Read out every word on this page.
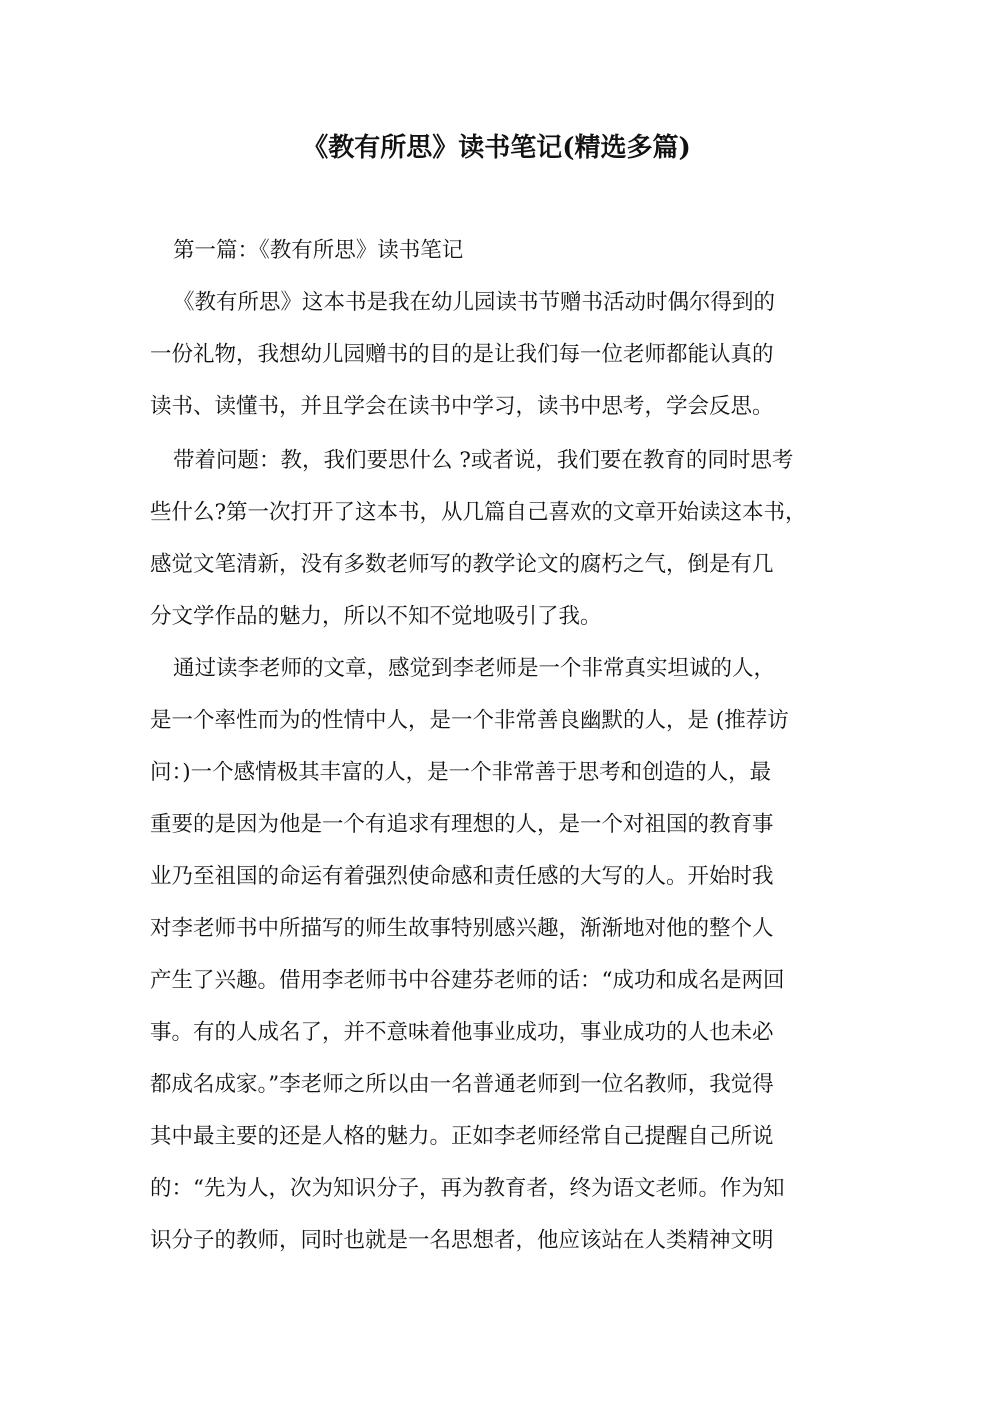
《教有所思》读书笔记(精选多篇)
第一篇：《教有所思》读书笔记
《教有所思》这本书是我在幼儿园读书节赠书活动时偶尔得到的
一份礼物，我想幼儿园赠书的目的是让我们每一位老师都能认真的
读书、读懂书，并且学会在读书中学习，读书中思考，学会反思。
带着问题：教，我们要思什么 ?或者说，我们要在教育的同时思考
些什么?第一次打开了这本书，从几篇自己喜欢的文章开始读这本书，
感觉文笔清新，没有多数老师写的教学论文的腐朽之气，倒是有几
分文学作品的魅力，所以不知不觉地吸引了我。
通过读李老师的文章，感觉到李老师是一个非常真实坦诚的人，
是一个率性而为的性情中人，是一个非常善良幽默的人，是 (推荐访
问：)一个感情极其丰富的人，是一个非常善于思考和创造的人，最
重要的是因为他是一个有追求有理想的人，是一个对祖国的教育事
业乃至祖国的命运有着强烈使命感和责任感的大写的人。开始时我
对李老师书中所描写的师生故事特别感兴趣，渐渐地对他的整个人
产生了兴趣。借用李老师书中谷建芬老师的话：“成功和成名是两回
事。有的人成名了，并不意味着他事业成功，事业成功的人也未必
都成名成家。”李老师之所以由一名普通老师到一位名教师，我觉得
其中最主要的还是人格的魅力。正如李老师经常自己提醒自己所说
的：“先为人，次为知识分子，再为教育者，终为语文老师。作为知
识分子的教师，同时也就是一名思想者，他应该站在人类精神文明
